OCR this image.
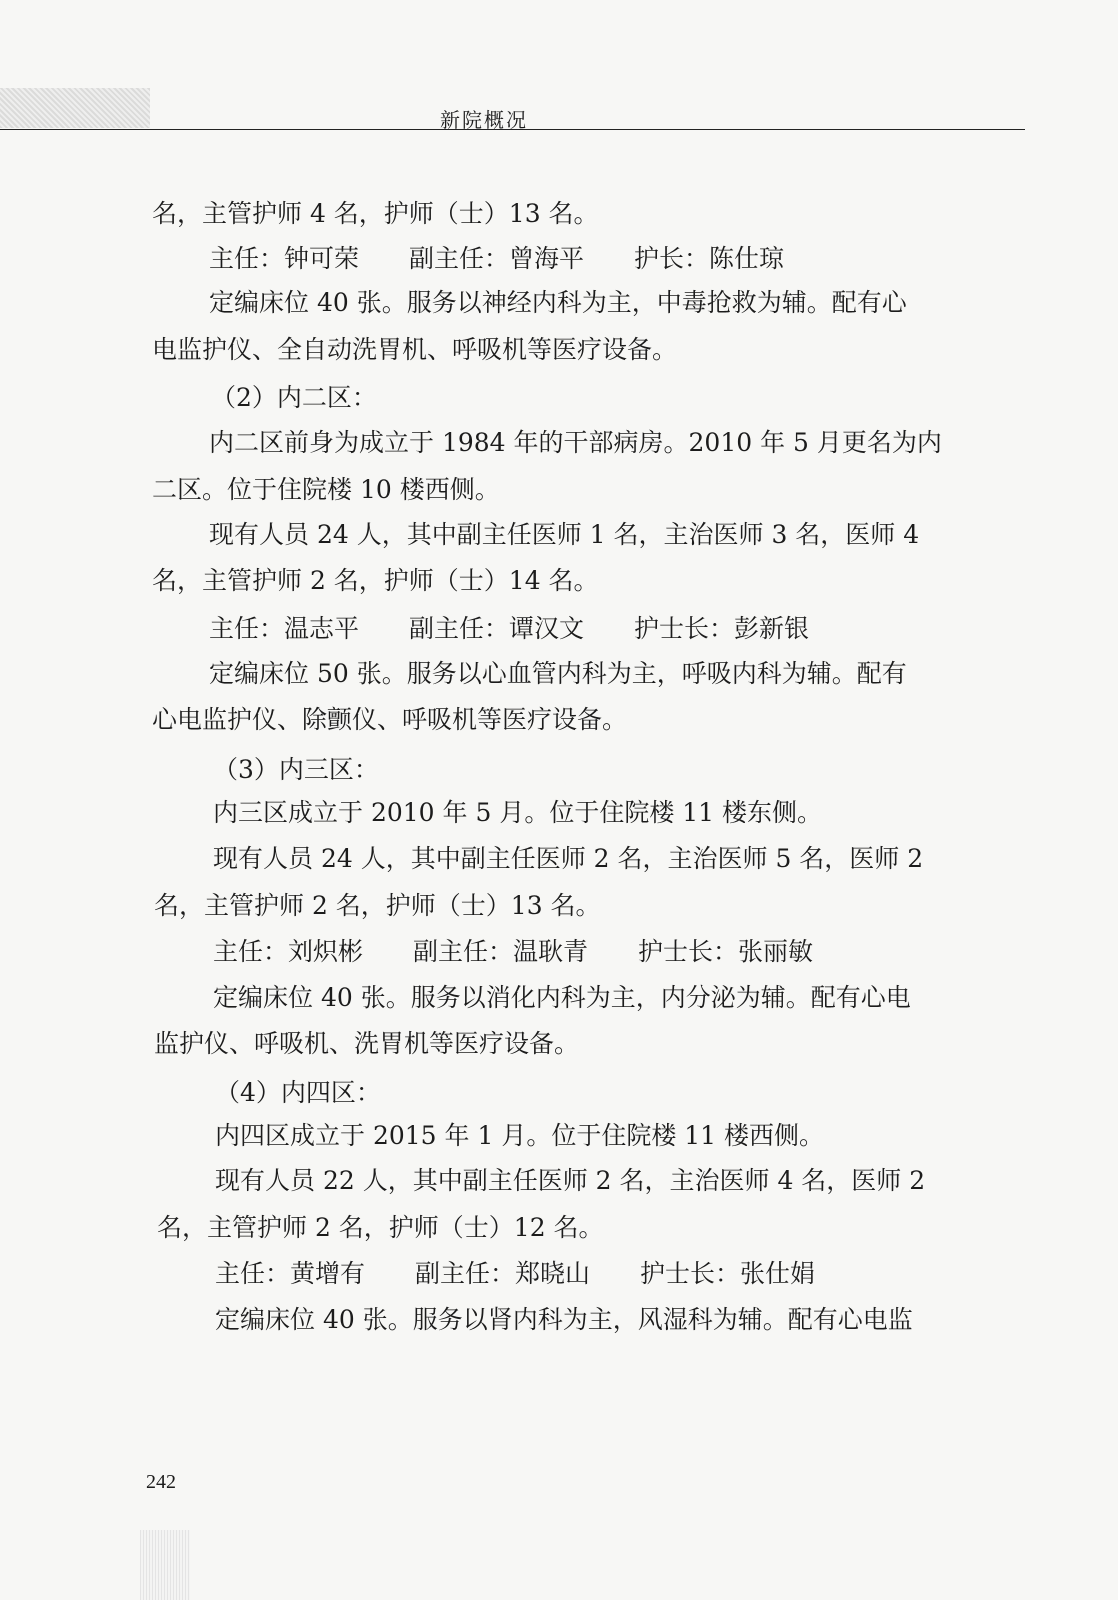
新院概况
名，主管护师 4 名，护师（士）13 名。
主任：钟可荣　　副主任：曾海平　　护长：陈仕琼
定编床位 40 张。服务以神经内科为主，中毒抢救为辅。配有心
电监护仪、全自动洗胃机、呼吸机等医疗设备。
（2）内二区：
内二区前身为成立于 1984 年的干部病房。2010 年 5 月更名为内
二区。位于住院楼 10 楼西侧。
现有人员 24 人，其中副主任医师 1 名，主治医师 3 名，医师 4
名，主管护师 2 名，护师（士）14 名。
主任：温志平　　副主任：谭汉文　　护士长：彭新银
定编床位 50 张。服务以心血管内科为主，呼吸内科为辅。配有
心电监护仪、除颤仪、呼吸机等医疗设备。
（3）内三区：
内三区成立于 2010 年 5 月。位于住院楼 11 楼东侧。
现有人员 24 人，其中副主任医师 2 名，主治医师 5 名，医师 2
名，主管护师 2 名，护师（士）13 名。
主任：刘炽彬　　副主任：温耿青　　护士长：张丽敏
定编床位 40 张。服务以消化内科为主，内分泌为辅。配有心电
监护仪、呼吸机、洗胃机等医疗设备。
（4）内四区：
内四区成立于 2015 年 1 月。位于住院楼 11 楼西侧。
现有人员 22 人，其中副主任医师 2 名，主治医师 4 名，医师 2
名，主管护师 2 名，护师（士）12 名。
主任：黄增有　　副主任：郑晓山　　护士长：张仕娟
定编床位 40 张。服务以肾内科为主，风湿科为辅。配有心电监
242
